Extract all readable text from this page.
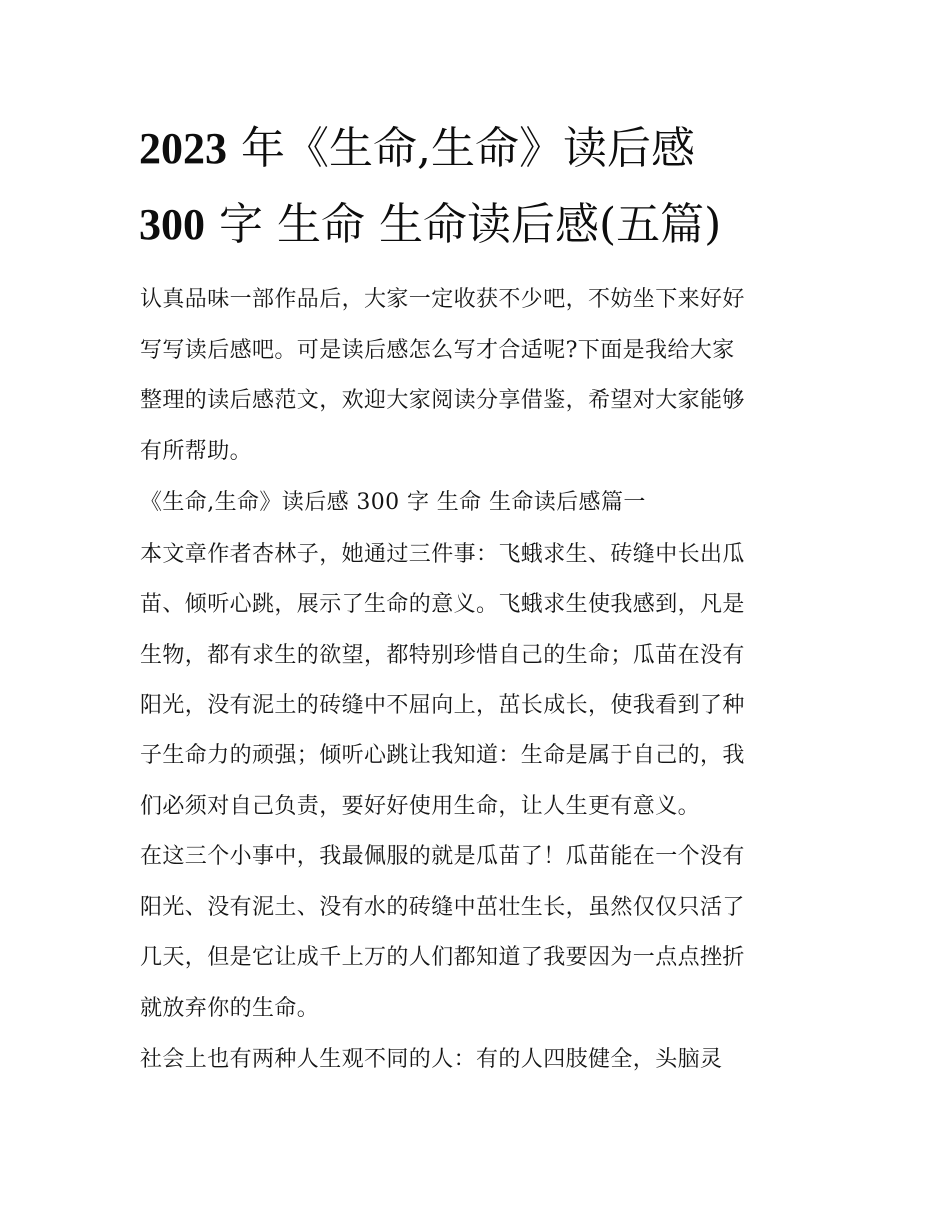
2023 年《生命,生命》读后感
300 字 生命 生命读后感(五篇)

认真品味一部作品后，大家一定收获不少吧，不妨坐下来好好

写写读后感吧。可是读后感怎么写才合适呢?下面是我给大家

整理的读后感范文，欢迎大家阅读分享借鉴，希望对大家能够

有所帮助。

《生命,生命》读后感 300 字 生命 生命读后感篇一

本文章作者杏林子，她通过三件事：飞蛾求生、砖缝中长出瓜

苗、倾听心跳，展示了生命的意义。飞蛾求生使我感到，凡是

生物，都有求生的欲望，都特别珍惜自己的生命；瓜苗在没有

阳光，没有泥土的砖缝中不屈向上，茁长成长，使我看到了种

子生命力的顽强；倾听心跳让我知道：生命是属于自己的，我

们必须对自己负责，要好好使用生命，让人生更有意义。

在这三个小事中，我最佩服的就是瓜苗了！瓜苗能在一个没有

阳光、没有泥土、没有水的砖缝中茁壮生长，虽然仅仅只活了

几天，但是它让成千上万的人们都知道了我要因为一点点挫折

就放弃你的生命。

社会上也有两种人生观不同的人：有的人四肢健全，头脑灵
